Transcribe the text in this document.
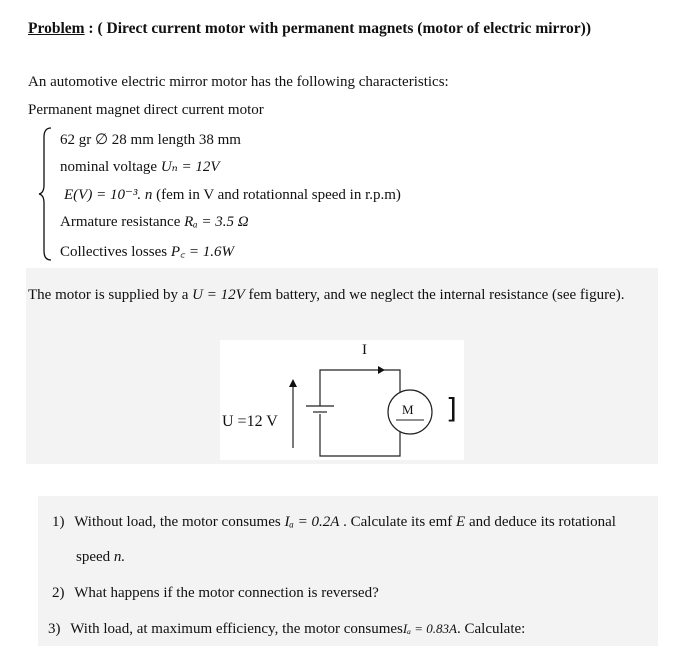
Problem : ( Direct current motor with permanent magnets (motor of electric mirror))
An automotive electric mirror motor has the following characteristics:
Permanent magnet direct current motor
62 gr ∅ 28 mm length 38 mm
nominal voltage Uₙ = 12V
E(V) = 10⁻³. n (fem in V and rotationnal speed in r.p.m)
Armature resistance Rₐ = 3.5 Ω
Collectives losses P꜀ = 1.6W
The motor is supplied by a U = 12V fem battery, and we neglect the internal resistance (see figure).
I
U =12 V
M ]
1) Without load, the motor consumes Iₐ = 0.2A . Calculate its emf E and deduce its rotational
speed n.
2) What happens if the motor connection is reversed?
3) With load, at maximum efficiency, the motor consumesIₐ = 0.83A. Calculate:
